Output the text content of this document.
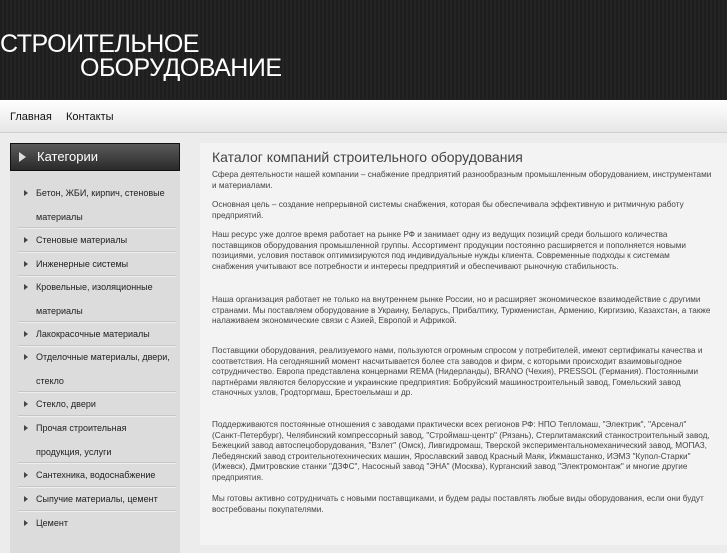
СТРОИТЕЛЬНОЕ
ОБОРУДОВАНИЕ
Главная Контакты
Категории
Бетон, ЖБИ, кирпич, стеновые материалы
Стеновые материалы
Инженерные системы
Кровельные, изоляционные материалы
Лакокрасочные материалы
Отделочные материалы, двери, стекло
Стекло, двери
Прочая строительная продукция, услуги
Сантехника, водоснабжение
Сыпучие материалы, цемент
Цемент
Каталог компаний строительного оборудования

Сфера деятельности нашей компании – снабжение предприятий разнообразным промышленным оборудованием, инструментами и материалами.

Основная цель – создание непрерывной системы снабжения, которая бы обеспечивала эффективную и ритмичную работу предприятий.

Наш ресурс уже долгое время работает на рынке РФ и занимает одну из ведущих позиций среди большого количества поставщиков оборудования промышленной группы. Ассортимент продукции постоянно расширяется и пополняется новыми позициями, условия поставок оптимизируются под индивидуальные нужды клиента. Современные подходы к системам снабжения учитывают все потребности и интересы предприятий и обеспечивают рыночную стабильность.

Наша организация работает не только на внутреннем рынке России, но и расширяет экономическое взаимодействие с другими странами. Мы поставляем оборудование в Украину, Беларусь, Прибалтику, Туркменистан, Армению, Киргизию, Казахстан, а также налаживаем экономические связи с Азией, Европой и Африкой.

Поставщики оборудования, реализуемого нами, пользуются огромным спросом у потребителей, имеют сертификаты качества и соответствия. На сегодняшний момент насчитывается более ста заводов и фирм, с которыми происходит взаимовыгодное сотрудничество. Европа представлена концернами REMA (Нидерланды), BRANO (Чехия), PRESSOL (Германия). Постоянными партнёрами являются белорусские и украинские предприятия: Бобруйский машиностроительный завод, Гомельский завод станочных узлов, Гродторгмаш, Брестоельмаш и др.

Поддерживаются постоянные отношения с заводами практически всех регионов РФ: НПО Тепломаш, "Электрик", "Арсенал" (Санкт-Петербург), Челябинский компрессорный завод, "Строймаш-центр" (Рязань), Стерлитамакский станкостроительный завод, Бежецкий завод автоспецоборудования, "Взлет" (Омск), Ливгидромаш, Тверской экспериментальномеханический завод, МОПАЗ, Лебедянский завод строительнотехнических машин, Ярославский завод Красный Маяк, Ижмашстанко, ИЭМЗ "Купол-Старки" (Ижевск), Дмитровские станки "ДЗФС", Насосный завод "ЭНА" (Москва), Курганский завод "Электромонтаж" и многие другие предприятия.

Мы готовы активно сотрудничать с новыми поставщиками, и будем рады поставлять любые виды оборудования, если они будут востребованы покупателями.
